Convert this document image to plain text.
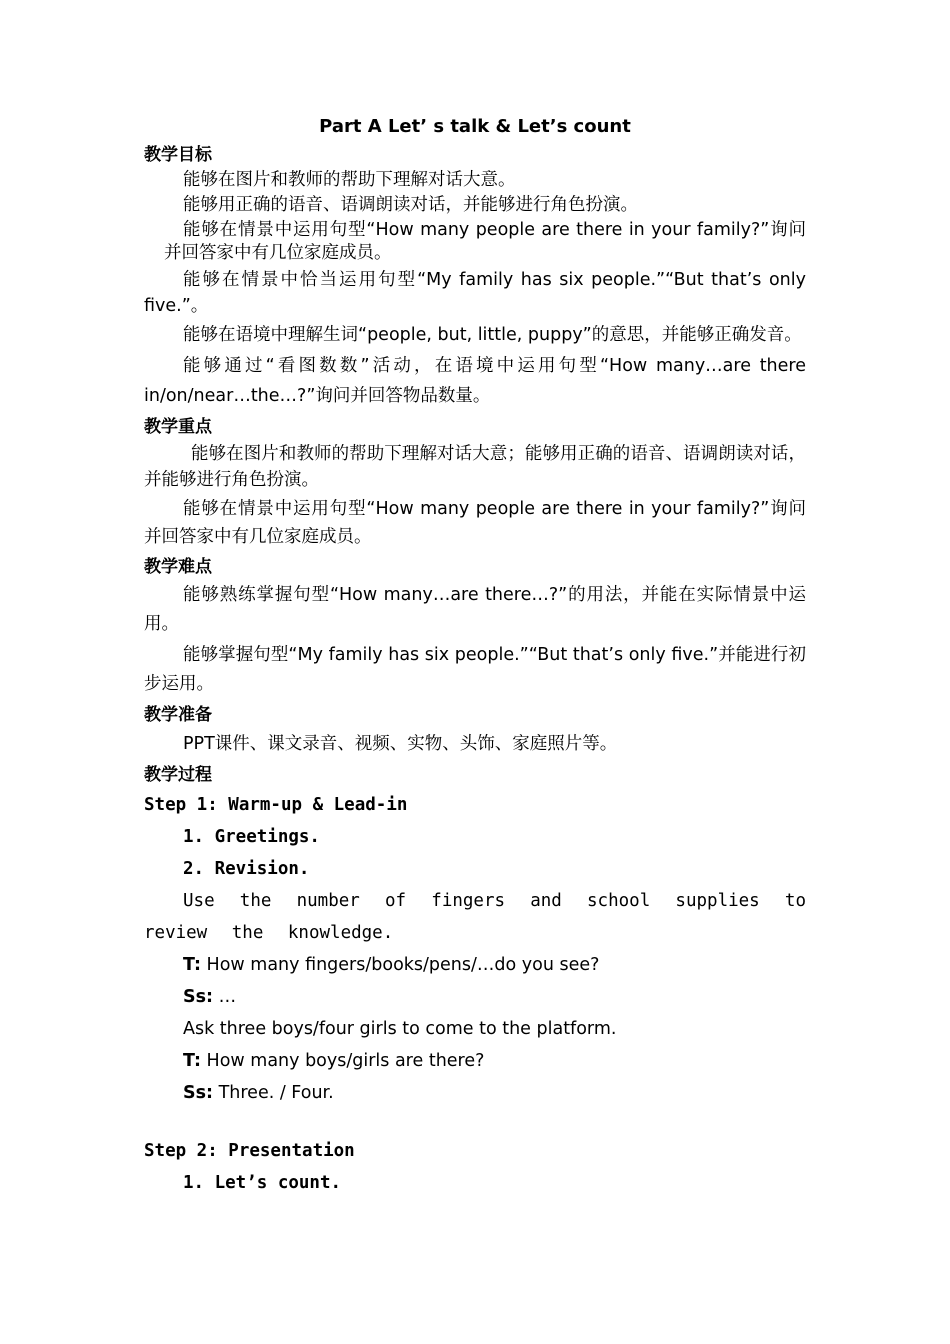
Part A Let’ s talk & Let’s count
教学目标
能够在图片和教师的帮助下理解对话大意。
能够用正确的语音、语调朗读对话，并能够进行角色扮演。
能够在情景中运用句型“How many people are there in your family?”询问并回答家中有几位家庭成员。
能够在情景中恰当运用句型“My family has six people.”“But that’s only five.”。
能够在语境中理解生词“people, but, little, puppy”的意思，并能够正确发音。
能够通过“看图数数”活动，在语境中运用句型“How many…are there in/on/near…the…?”询问并回答物品数量。
教学重点
能够在图片和教师的帮助下理解对话大意；能够用正确的语音、语调朗读对话，并能够进行角色扮演。
能够在情景中运用句型“How many people are there in your family?”询问并回答家中有几位家庭成员。
教学难点
能够熟练掌握句型“How many…are there…?”的用法，并能在实际情景中运用。
能够掌握句型“My family has six people.”“But that’s only five.”并能进行初步运用。
教学准备
PPT课件、课文录音、视频、实物、头饰、家庭照片等。
教学过程
Step 1: Warm-up & Lead-in
1. Greetings.
2. Revision.
Use the number of fingers and school supplies to review the knowledge.
T: How many fingers/books/pens/…do you see?
Ss: …
Ask three boys/four girls to come to the platform.
T: How many boys/girls are there?
Ss: Three. / Four.
Step 2: Presentation
1. Let’s count.
